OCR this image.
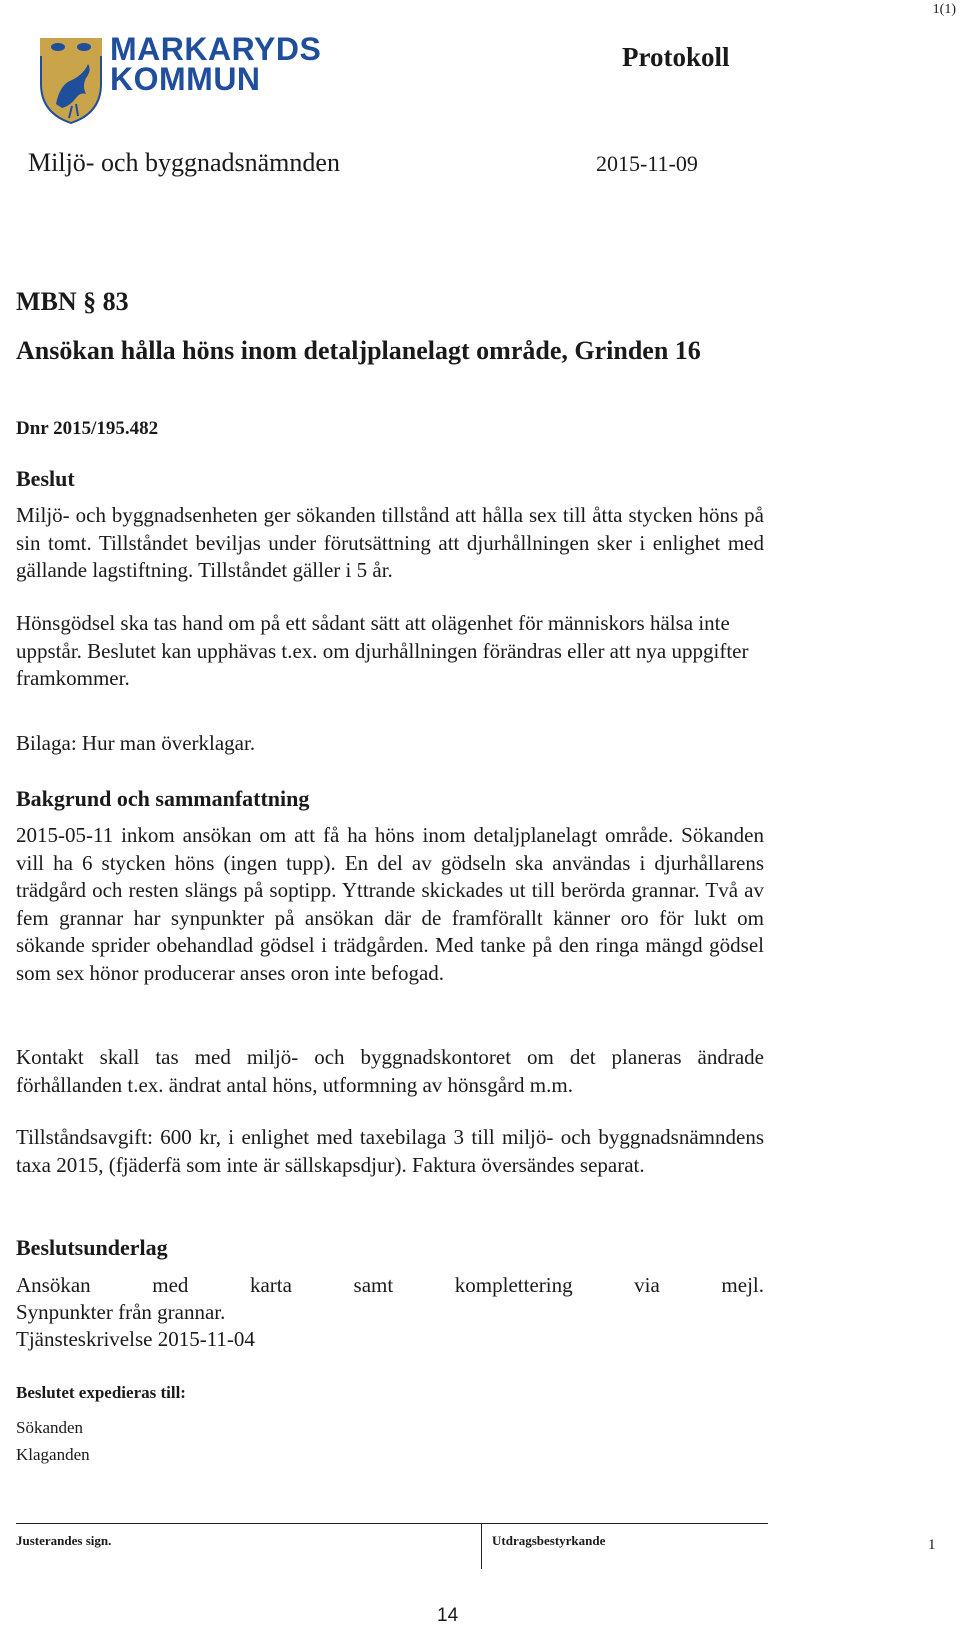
1(1)
MARKARYDS
KOMMUN
Protokoll
Miljö- och byggnadsnämnden	2015-11-09
MBN § 83
Ansökan hålla höns inom detaljplanelagt område, Grinden 16
Dnr 2015/195.482
Beslut
Miljö- och byggnadsenheten ger sökanden tillstånd att hålla sex till åtta stycken höns på sin tomt. Tillståndet beviljas under förutsättning att djurhållningen sker i enlighet med gällande lagstiftning. Tillståndet gäller i 5 år.
Hönsgödsel ska tas hand om på ett sådant sätt att olägenhet för människors hälsa inte uppstår. Beslutet kan upphävas t.ex. om djurhållningen förändras eller att nya uppgifter framkommer.
Bilaga: Hur man överklagar.
Bakgrund och sammanfattning
2015-05-11 inkom ansökan om att få ha höns inom detaljplanelagt område. Sökanden vill ha 6 stycken höns (ingen tupp). En del av gödseln ska användas i djurhållarens trädgård och resten slängs på soptipp. Yttrande skickades ut till berörda grannar. Två av fem grannar har synpunkter på ansökan där de framförallt känner oro för lukt om sökande sprider obehandlad gödsel i trädgården. Med tanke på den ringa mängd gödsel som sex hönor producerar anses oron inte befogad.
Kontakt skall tas med miljö- och byggnadskontoret om det planeras ändrade förhållanden t.ex. ändrat antal höns, utformning av hönsgård m.m.
Tillståndsavgift: 600 kr, i enlighet med taxebilaga 3 till miljö- och byggnadsnämndens taxa 2015, (fjäderfä som inte är sällskapsdjur). Faktura översändes separat.
Beslutsunderlag
Ansökan med karta samt komplettering via mejl.
Synpunkter från grannar.
Tjänsteskrivelse 2015-11-04
Beslutet expedieras till:
Sökanden
Klaganden
Justerandes sign.	Utdragsbestyrkande	1
14
